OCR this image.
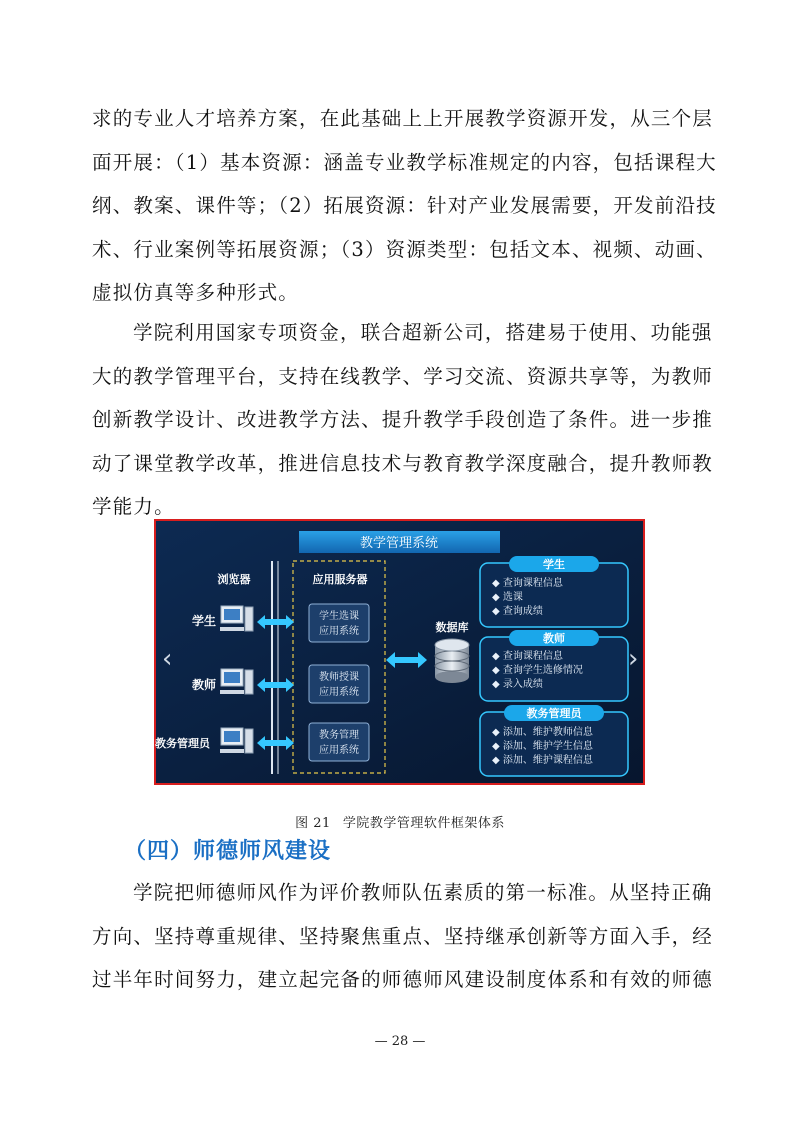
求的专业人才培养方案，在此基础上上开展教学资源开发，从三个层
面开展：（1）基本资源：涵盖专业教学标准规定的内容，包括课程大
纲、教案、课件等；（2）拓展资源：针对产业发展需要，开发前沿技
术、行业案例等拓展资源；（3）资源类型：包括文本、视频、动画、
虚拟仿真等多种形式。

学院利用国家专项资金，联合超新公司，搭建易于使用、功能强
大的教学管理平台，支持在线教学、学习交流、资源共享等，为教师
创新教学设计、改进教学方法、提升教学手段创造了条件。进一步推
动了课堂教学改革，推进信息技术与教育教学深度融合，提升教师教
学能力。

教学管理系统
‹	›
浏览器	应用服务器
学生
教师
教务管理员
学生选课
应用系统
教师授课
应用系统
教务管理
应用系统
数据库
学生
◆ 查询课程信息
◆ 选课
◆ 查询成绩
教师
◆ 查询课程信息
◆ 查询学生选修情况
◆ 录入成绩
教务管理员
◆ 添加、维护教师信息
◆ 添加、维护学生信息
◆ 添加、维护课程信息
图 21 学院教学管理软件框架体系
（四）师德师风建设

学院把师德师风作为评价教师队伍素质的第一标准。从坚持正确
方向、坚持尊重规律、坚持聚焦重点、坚持继承创新等方面入手，经
过半年时间努力，建立起完备的师德师风建设制度体系和有效的师德

— 28 —
